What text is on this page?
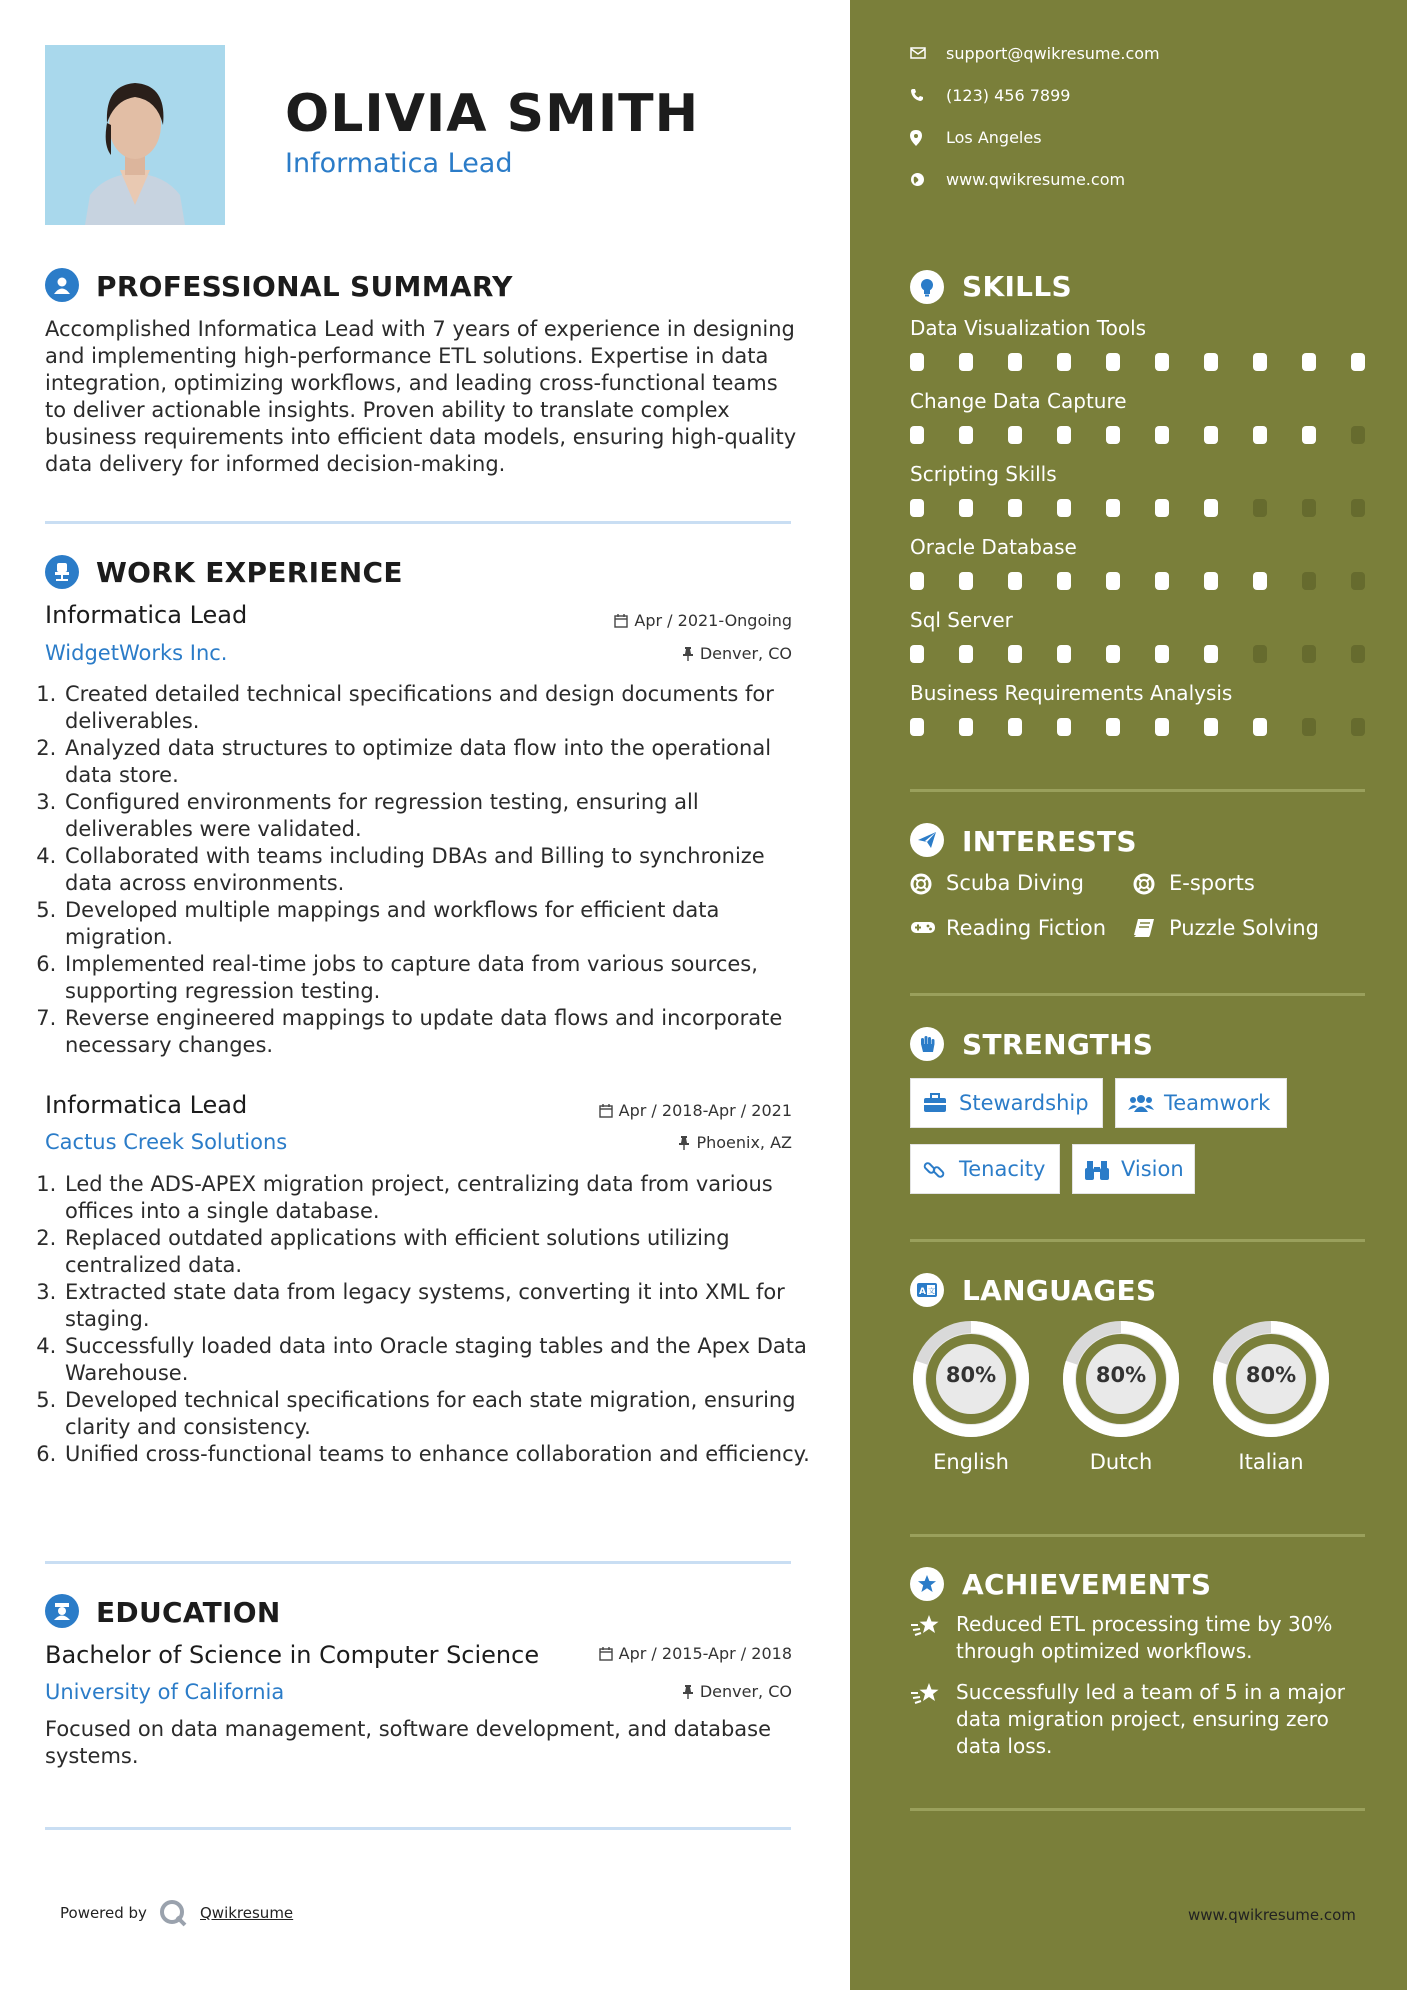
OLIVIA SMITH
Informatica Lead
PROFESSIONAL SUMMARY
Accomplished Informatica Lead with 7 years of experience in designing and implementing high-performance ETL solutions. Expertise in data integration, optimizing workflows, and leading cross-functional teams to deliver actionable insights. Proven ability to translate complex business requirements into efficient data models, ensuring high-quality data delivery for informed decision-making.
WORK EXPERIENCE
Informatica Lead
WidgetWorks Inc.
Apr / 2021-Ongoing
Denver, CO
1. Created detailed technical specifications and design documents for deliverables.
2. Analyzed data structures to optimize data flow into the operational data store.
3. Configured environments for regression testing, ensuring all deliverables were validated.
4. Collaborated with teams including DBAs and Billing to synchronize data across environments.
5. Developed multiple mappings and workflows for efficient data migration.
6. Implemented real-time jobs to capture data from various sources, supporting regression testing.
7. Reverse engineered mappings to update data flows and incorporate necessary changes.
Informatica Lead
Cactus Creek Solutions
Apr / 2018-Apr / 2021
Phoenix, AZ
1. Led the ADS-APEX migration project, centralizing data from various offices into a single database.
2. Replaced outdated applications with efficient solutions utilizing centralized data.
3. Extracted state data from legacy systems, converting it into XML for staging.
4. Successfully loaded data into Oracle staging tables and the Apex Data Warehouse.
5. Developed technical specifications for each state migration, ensuring clarity and consistency.
6. Unified cross-functional teams to enhance collaboration and efficiency.
EDUCATION
Bachelor of Science in Computer Science
University of California
Apr / 2015-Apr / 2018
Denver, CO
Focused on data management, software development, and database systems.
Powered by	Qwikresume
support@qwikresume.com
(123) 456 7899
Los Angeles
www.qwikresume.com
SKILLS
Data Visualization Tools
Change Data Capture
Scripting Skills
Oracle Database
Sql Server
Business Requirements Analysis
INTERESTS
Scuba Diving	E-sports
Reading Fiction	Puzzle Solving
STRENGTHS
Stewardship	Teamwork
Tenacity	Vision
A 文 LANGUAGES
80%
English
80%
Dutch
80%
Italian
ACHIEVEMENTS
Reduced ETL processing time by 30% through optimized workflows.
Successfully led a team of 5 in a major data migration project, ensuring zero data loss.
www.qwikresume.com
